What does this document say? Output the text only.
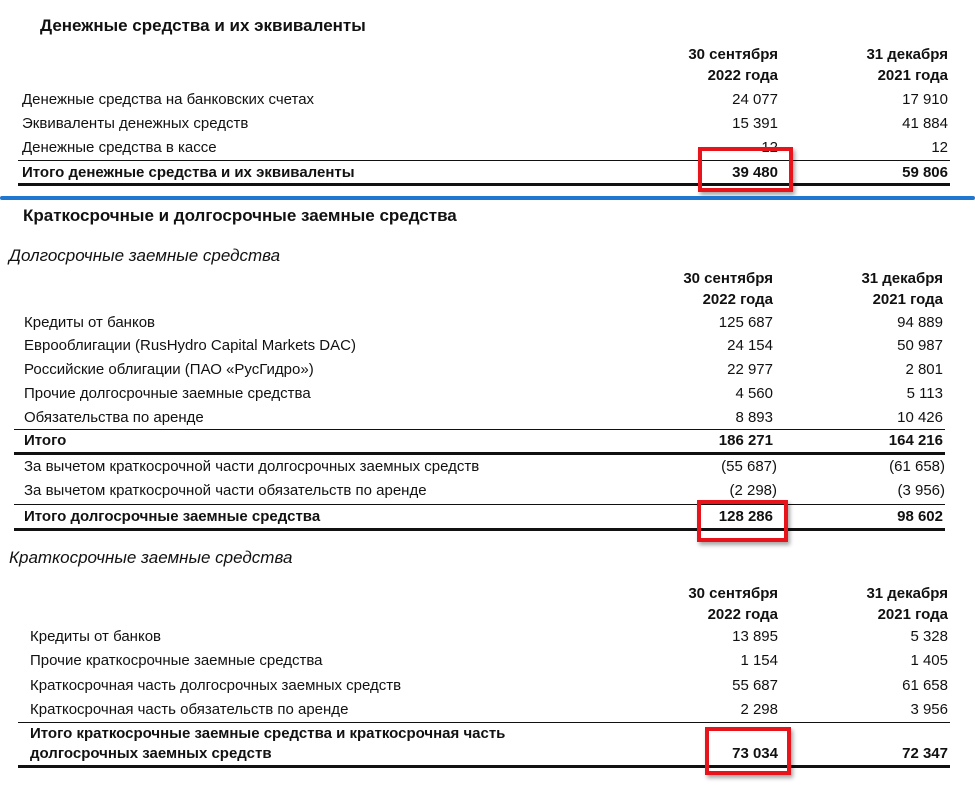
Денежные средства и их эквиваленты
30 сентября
2022 года
31 декабря
2021 года
Денежные средства на банковских счетах	24 077	17 910
Эквиваленты денежных средств	15 391	41 884
Денежные средства в кассе	12	12
Итого денежные средства и их эквиваленты	39 480	59 806
Краткосрочные и долгосрочные заемные средства
Долгосрочные заемные средства
30 сентября
2022 года
31 декабря
2021 года
Кредиты от банков	125 687	94 889
Еврооблигации (RusHydro Capital Markets DAC)	24 154	50 987
Российские облигации (ПАО «РусГидро»)	22 977	2 801
Прочие долгосрочные заемные средства	4 560	5 113
Обязательства по аренде	8 893	10 426
Итого	186 271	164 216
За вычетом краткосрочной части долгосрочных заемных средств	(55 687)	(61 658)
За вычетом краткосрочной части обязательств по аренде	(2 298)	(3 956)
Итого долгосрочные заемные средства	128 286	98 602
Краткосрочные заемные средства
30 сентября
2022 года
31 декабря
2021 года
Кредиты от банков	13 895	5 328
Прочие краткосрочные заемные средства	1 154	1 405
Краткосрочная часть долгосрочных заемных средств	55 687	61 658
Краткосрочная часть обязательств по аренде	2 298	3 956
Итого краткосрочные заемные средства и краткосрочная часть
долгосрочных заемных средств	73 034	72 347
